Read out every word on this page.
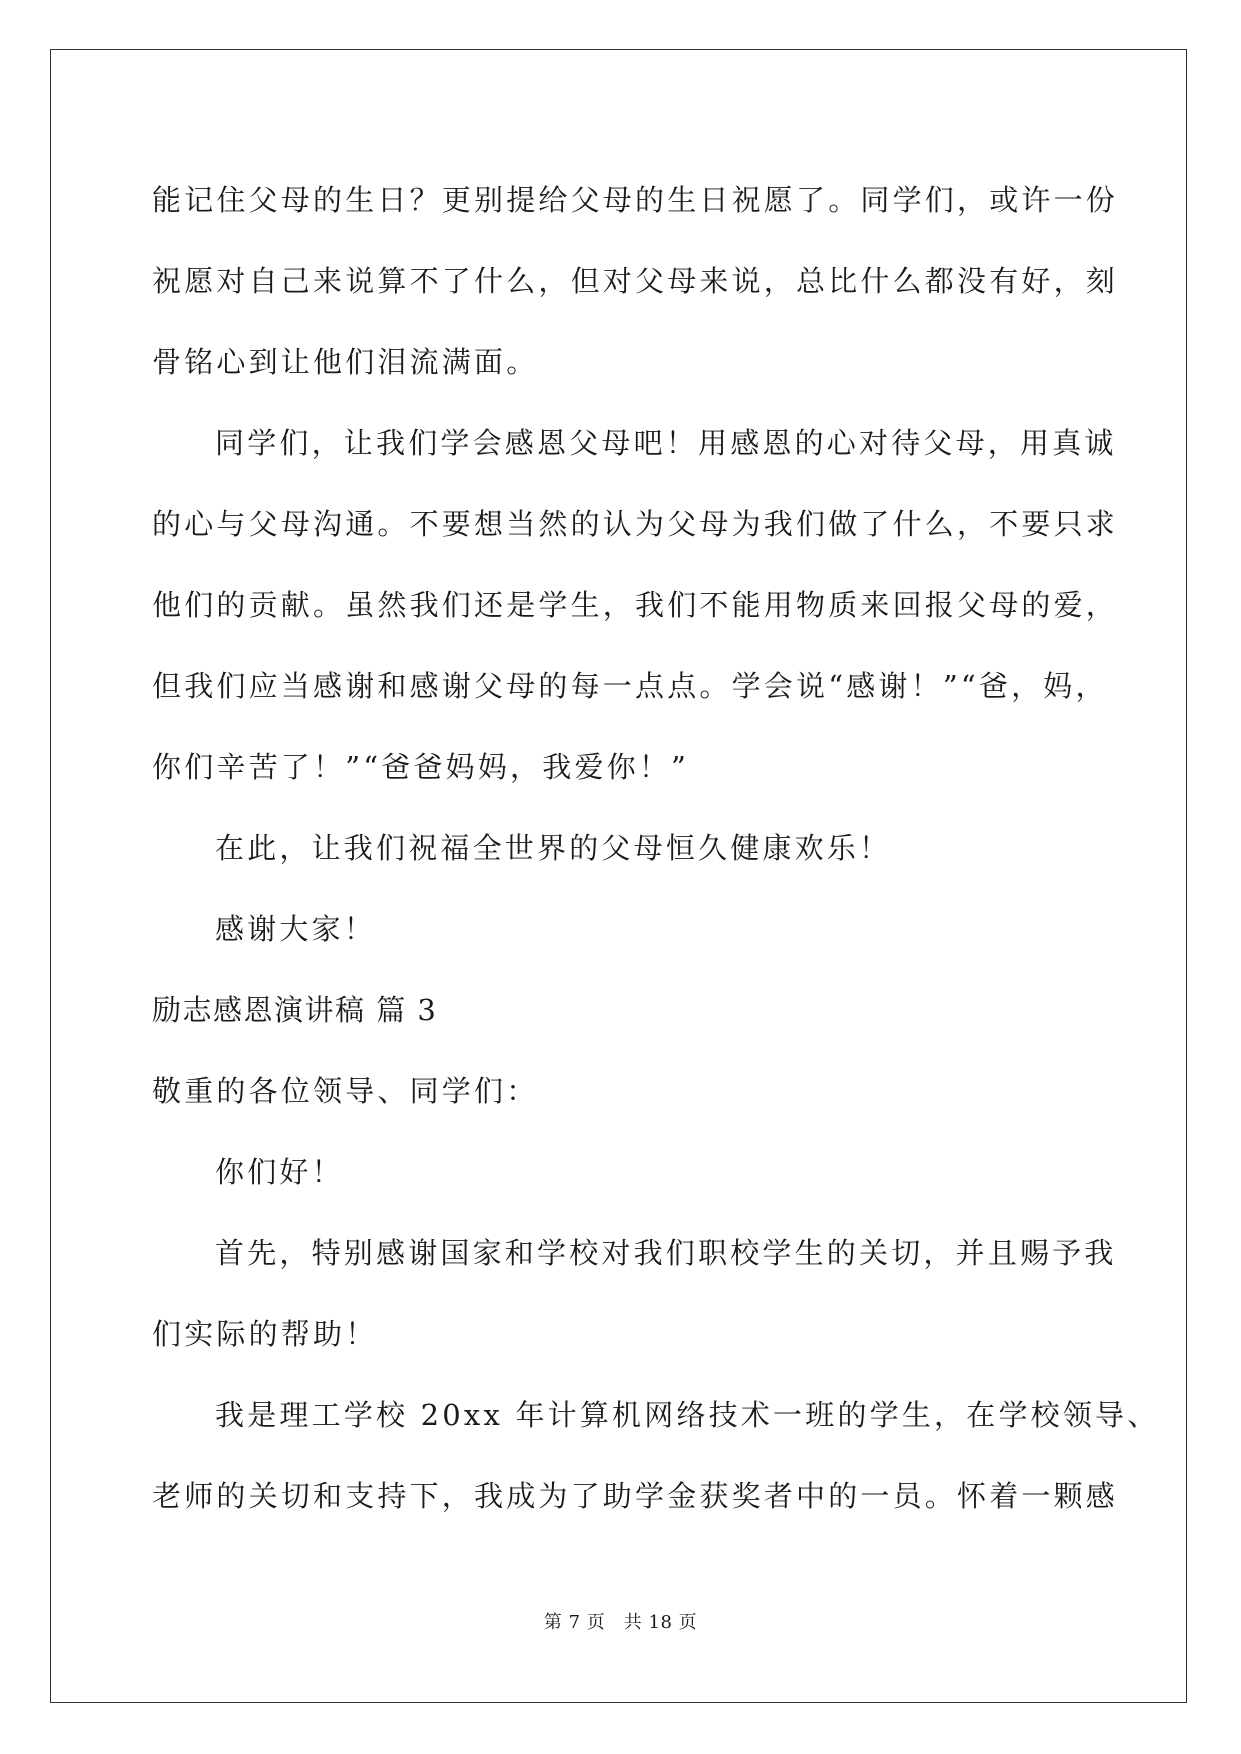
能记住父母的生日？更别提给父母的生日祝愿了。同学们，或许一份

祝愿对自己来说算不了什么，但对父母来说，总比什么都没有好，刻

骨铭心到让他们泪流满面。

同学们，让我们学会感恩父母吧！用感恩的心对待父母，用真诚

的心与父母沟通。不要想当然的认为父母为我们做了什么，不要只求

他们的贡献。虽然我们还是学生，我们不能用物质来回报父母的爱，

但我们应当感谢和感谢父母的每一点点。学会说“感谢！”“爸，妈，

你们辛苦了！”“爸爸妈妈，我爱你！”

在此，让我们祝福全世界的父母恒久健康欢乐！

感谢大家！

励志感恩演讲稿 篇 3

敬重的各位领导、同学们：

你们好！

首先，特别感谢国家和学校对我们职校学生的关切，并且赐予我

们实际的帮助！

我是理工学校 20xx 年计算机网络技术一班的学生，在学校领导、

老师的关切和支持下，我成为了助学金获奖者中的一员。怀着一颗感

第 7 页　共 18 页
